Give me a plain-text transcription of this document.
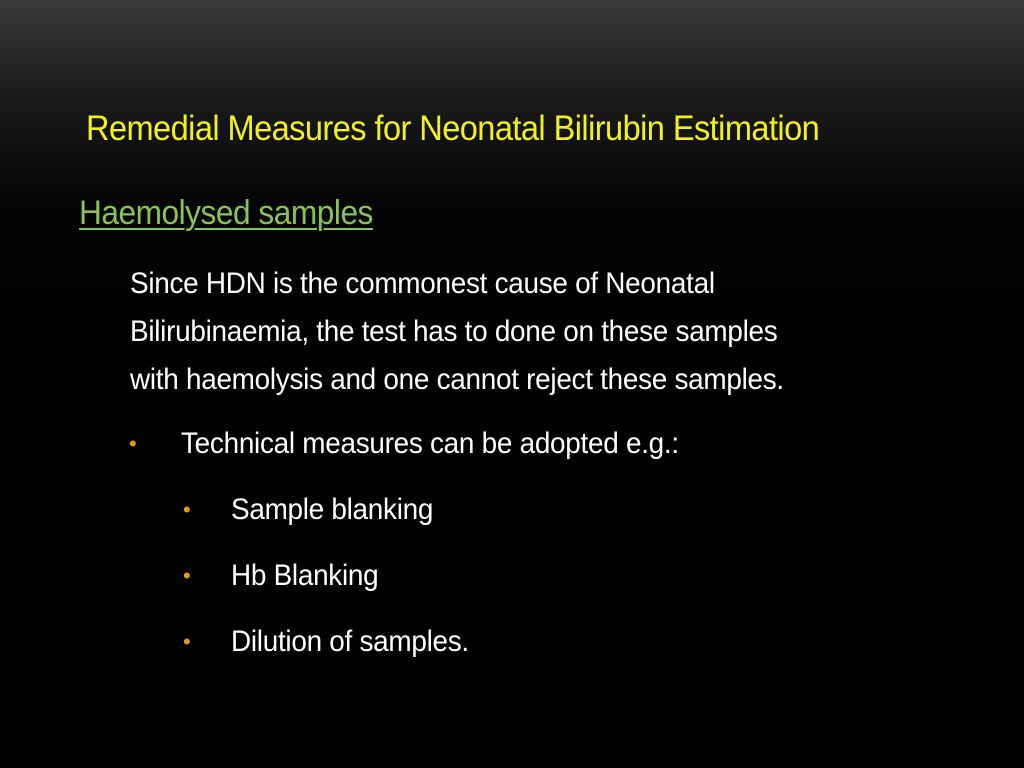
Remedial Measures for Neonatal Bilirubin Estimation
Haemolysed samples
Since HDN is the commonest cause of Neonatal
Bilirubinaemia, the test has to done on these samples
with haemolysis and one cannot reject these samples.
• Technical measures can be adopted e.g.:
• Sample blanking
• Hb Blanking
• Dilution of samples.
